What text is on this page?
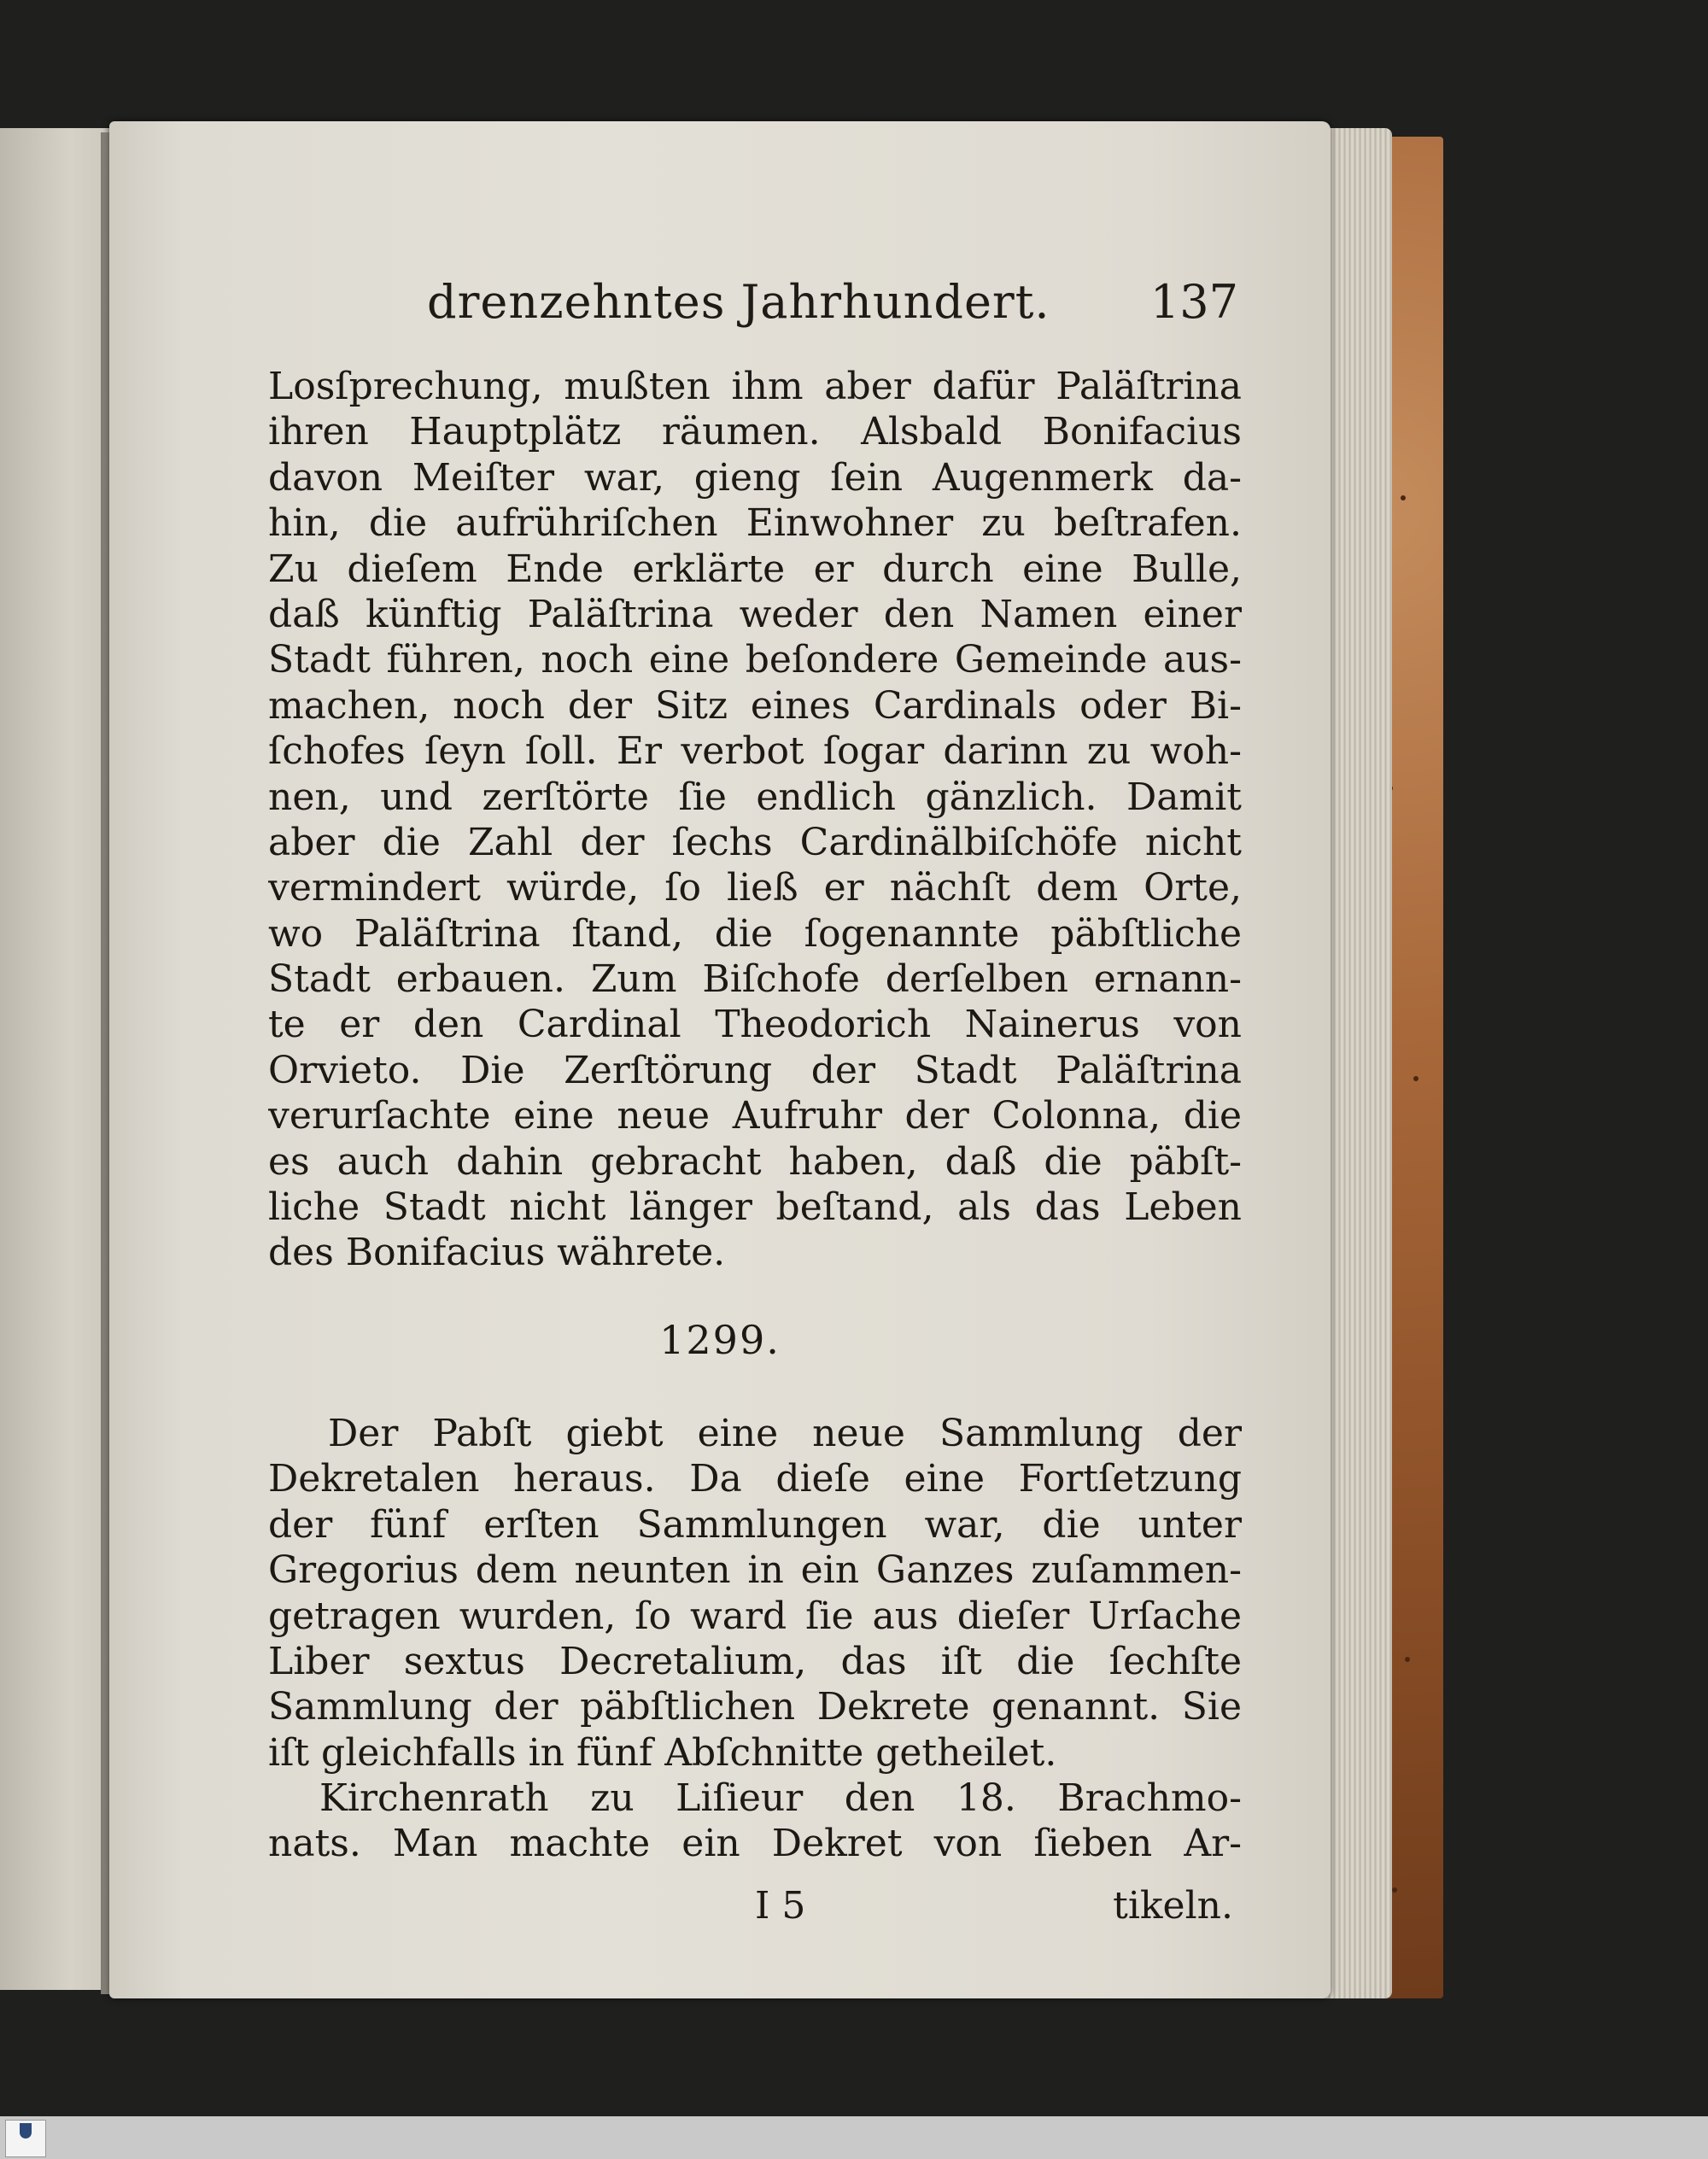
drenzehntes Jahrhundert. 137
Losſprechung, mußten ihm aber dafür Paläſtrina
ihren Hauptplätz räumen. Alsbald Bonifacius
davon Meiſter war, gieng ſein Augenmerk da-
hin, die aufrühriſchen Einwohner zu beſtrafen.
Zu dieſem Ende erklärte er durch eine Bulle,
daß künftig Paläſtrina weder den Namen einer
Stadt führen, noch eine beſondere Gemeinde aus-
machen, noch der Sitz eines Cardinals oder Bi-
ſchofes ſeyn ſoll. Er verbot ſogar darinn zu woh-
nen, und zerſtörte ſie endlich gänzlich. Damit
aber die Zahl der ſechs Cardinälbiſchöfe nicht
vermindert würde, ſo ließ er nächſt dem Orte,
wo Paläſtrina ſtand, die ſogenannte päbſtliche
Stadt erbauen. Zum Biſchofe derſelben ernann-
te er den Cardinal Theodorich Nainerus von
Orvieto. Die Zerſtörung der Stadt Paläſtrina
verurſachte eine neue Aufruhr der Colonna, die
es auch dahin gebracht haben, daß die päbſt-
liche Stadt nicht länger beſtand, als das Leben
des Bonifacius währete.
1299.
Der Pabſt giebt eine neue Sammlung der
Dekretalen heraus. Da dieſe eine Fortſetzung
der fünf erſten Sammlungen war, die unter
Gregorius dem neunten in ein Ganzes zuſammen-
getragen wurden, ſo ward ſie aus dieſer Urſache
Liber sextus Decretalium, das iſt die ſechſte
Sammlung der päbſtlichen Dekrete genannt. Sie
iſt gleichfalls in fünf Abſchnitte getheilet.
Kirchenrath zu Liſieur den 18. Brachmo-
nats. Man machte ein Dekret von ſieben Ar-
I 5	tikeln.
